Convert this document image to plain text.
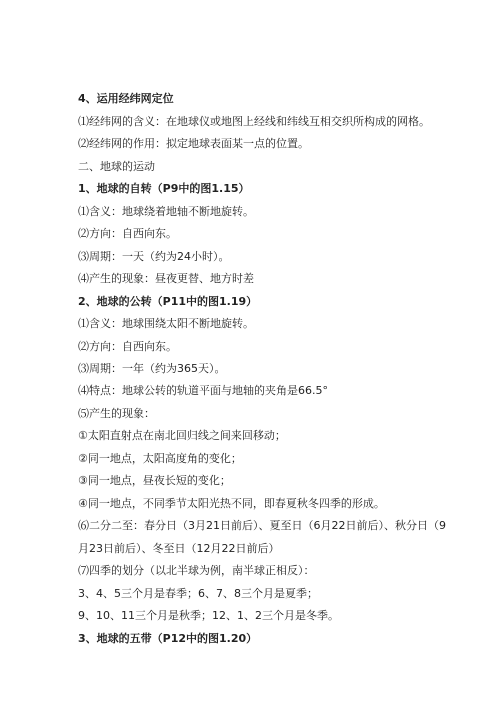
4、运用经纬网定位
⑴经纬网的含义：在地球仪或地图上经线和纬线互相交织所构成的网格。
⑵经纬网的作用：拟定地球表面某一点的位置。
二、地球的运动
1、地球的自转（P9中的图1.15）
⑴含义：地球绕着地轴不断地旋转。
⑵方向：自西向东。
⑶周期：一天（约为24小时）。
⑷产生的现象：昼夜更替、地方时差
2、地球的公转（P11中的图1.19）
⑴含义：地球围绕太阳不断地旋转。
⑵方向：自西向东。
⑶周期：一年（约为365天）。
⑷特点：地球公转的轨道平面与地轴的夹角是66.5°
⑸产生的现象：
①太阳直射点在南北回归线之间来回移动；
②同一地点，太阳高度角的变化；
③同一地点，昼夜长短的变化；
④同一地点，不同季节太阳光热不同，即春夏秋冬四季的形成。
⑹二分二至：春分日（3月21日前后）、夏至日（6月22日前后）、秋分日（9
月23日前后）、冬至日（12月22日前后）
⑺四季的划分（以北半球为例，南半球正相反）：
3、4、5三个月是春季；6、7、8三个月是夏季；
9、10、11三个月是秋季；12、1、2三个月是冬季。
3、地球的五带（P12中的图1.20）
